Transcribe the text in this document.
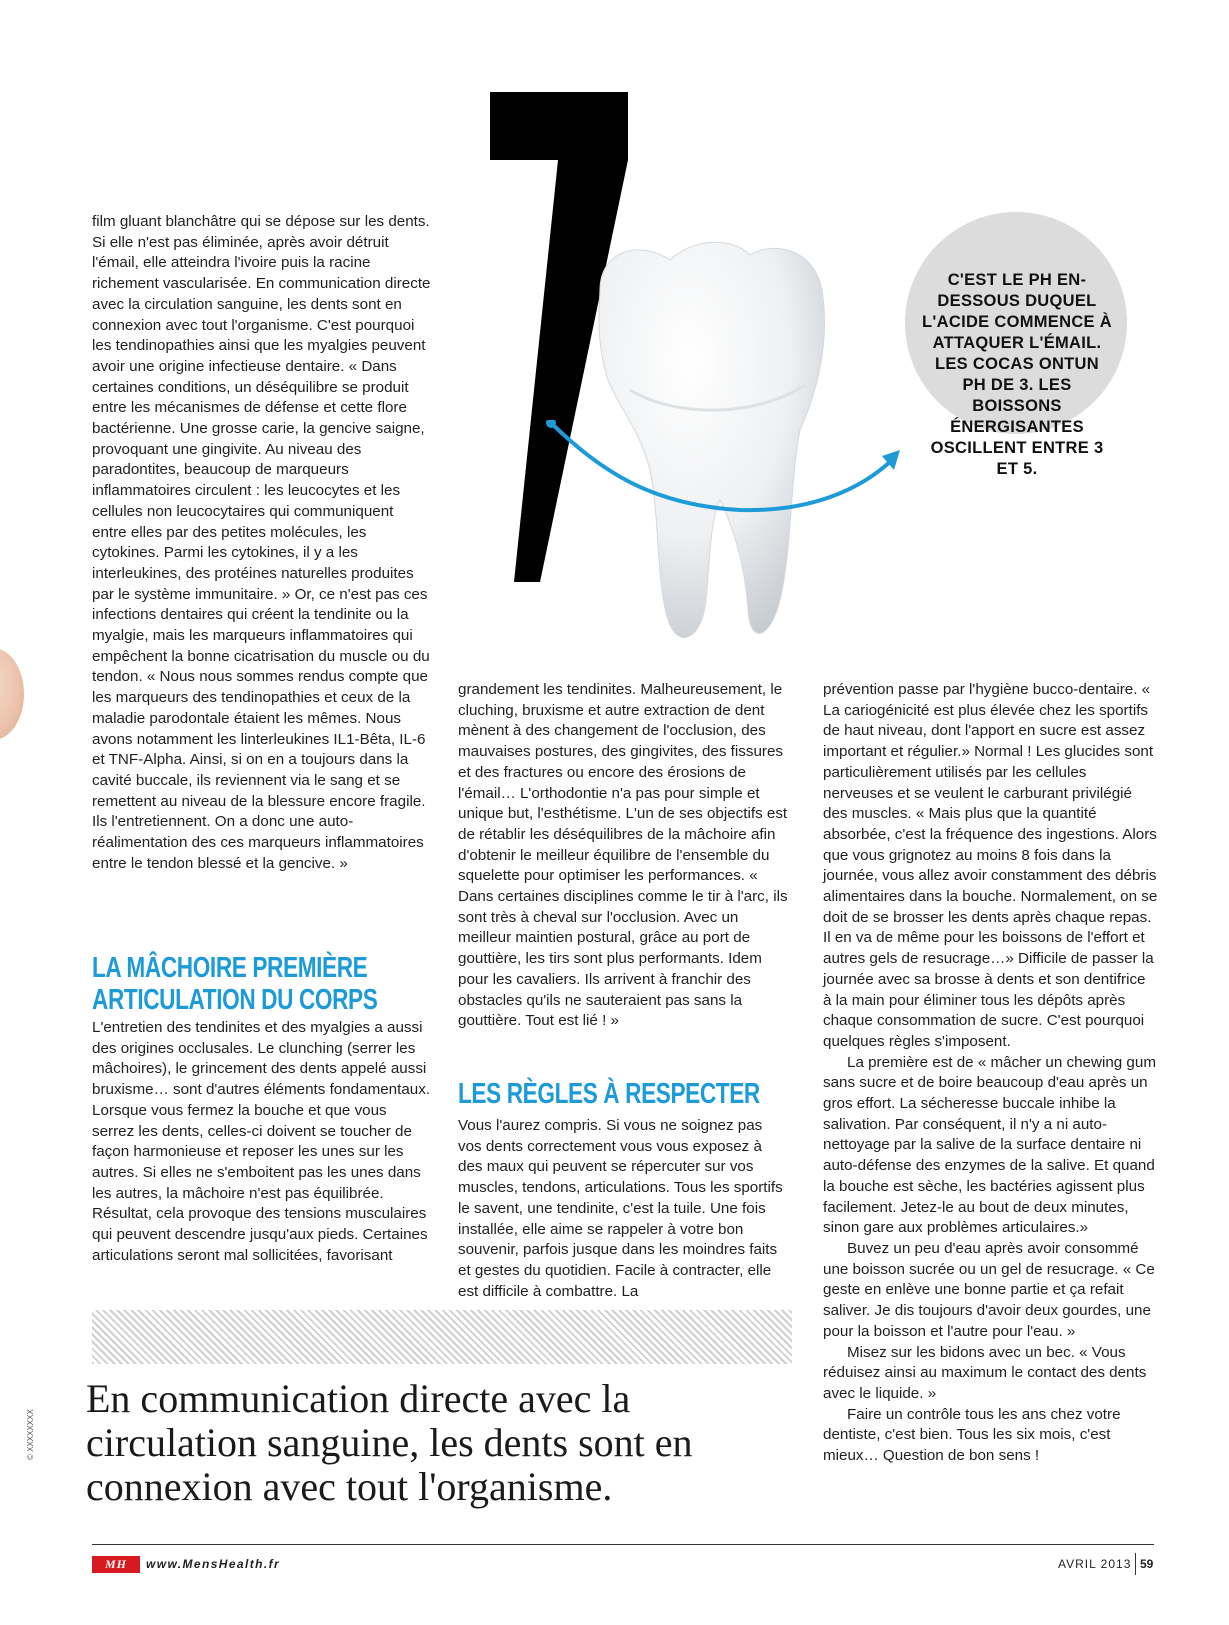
7
C'EST LE PH EN-DESSOUS DUQUEL L'ACIDE COMMENCE À ATTAQUER L'ÉMAIL. LES COCAS ONTUN PH DE 3. LES BOISSONS ÉNERGISANTES OSCILLENT ENTRE 3 ET 5.

film gluant blanchâtre qui se dépose sur les dents. Si elle n'est pas éliminée, après avoir détruit l'émail, elle atteindra l'ivoire puis la racine richement vascularisée. En communication directe avec la circulation sanguine, les dents sont en connexion avec tout l'organisme. C'est pourquoi les tendinopathies ainsi que les myalgies peuvent avoir une origine infectieuse dentaire. « Dans certaines conditions, un déséquilibre se produit entre les mécanismes de défense et cette flore bactérienne. Une grosse carie, la gencive saigne, provoquant une gingivite. Au niveau des paradontites, beaucoup de marqueurs inflammatoires circulent : les leucocytes et les cellules non leucocytaires qui communiquent entre elles par des petites molécules, les cytokines. Parmi les cytokines, il y a les interleukines, des protéines naturelles produites par le système immunitaire. » Or, ce n'est pas ces infections dentaires qui créent la tendinite ou la myalgie, mais les marqueurs inflammatoires qui empêchent la bonne cicatrisation du muscle ou du tendon. « Nous nous sommes rendus compte que les marqueurs des tendinopathies et ceux de la maladie parodontale étaient les mêmes. Nous avons notamment les linterleukines IL1-Bêta, IL-6 et TNF-Alpha. Ainsi, si on en a toujours dans la cavité buccale, ils reviennent via le sang et se remettent au niveau de la blessure encore fragile. Ils l'entretiennent. On a donc une auto-réalimentation des ces marqueurs inflammatoires entre le tendon blessé et la gencive. »

LA MÂCHOIRE PREMIÈRE
ARTICULATION DU CORPS

L'entretien des tendinites et des myalgies a aussi des origines occlusales. Le clunching (serrer les mâchoires), le grincement des dents appelé aussi bruxisme… sont d'autres éléments fondamentaux. Lorsque vous fermez la bouche et que vous serrez les dents, celles-ci doivent se toucher de façon harmonieuse et reposer les unes sur les autres. Si elles ne s'emboitent pas les unes dans les autres, la mâchoire n'est pas équilibrée. Résultat, cela provoque des tensions musculaires qui peuvent descendre jusqu'aux pieds. Certaines articulations seront mal sollicitées, favorisant

grandement les tendinites. Malheureusement, le cluching, bruxisme et autre extraction de dent mènent à des changement de l'occlusion, des mauvaises postures, des gingivites, des fissures et des fractures ou encore des érosions de l'émail… L'orthodontie n'a pas pour simple et unique but, l'esthétisme. L'un de ses objectifs est de rétablir les déséquilibres de la mâchoire afin d'obtenir le meilleur équilibre de l'ensemble du squelette pour optimiser les performances. « Dans certaines disciplines comme le tir à l'arc, ils sont très à cheval sur l'occlusion. Avec un meilleur maintien postural, grâce au port de gouttière, les tirs sont plus performants. Idem pour les cavaliers. Ils arrivent à franchir des obstacles qu'ils ne sauteraient pas sans la gouttière. Tout est lié ! »

LES RÈGLES À RESPECTER

Vous l'aurez compris. Si vous ne soignez pas vos dents correctement vous vous exposez à des maux qui peuvent se répercuter sur vos muscles, tendons, articulations. Tous les sportifs le savent, une tendinite, c'est la tuile. Une fois installée, elle aime se rappeler à votre bon souvenir, parfois jusque dans les moindres faits et gestes du quotidien. Facile à contracter, elle est difficile à combattre. La

prévention passe par l'hygiène bucco-dentaire. « La cariogénicité est plus élevée chez les sportifs de haut niveau, dont l'apport en sucre est assez important et régulier.» Normal ! Les glucides sont particulièrement utilisés par les cellules nerveuses et se veulent le carburant privilégié des muscles. « Mais plus que la quantité absorbée, c'est la fréquence des ingestions. Alors que vous grignotez au moins 8 fois dans la journée, vous allez avoir constamment des débris alimentaires dans la bouche. Normalement, on se doit de se brosser les dents après chaque repas. Il en va de même pour les boissons de l'effort et autres gels de resucrage…» Difficile de passer la journée avec sa brosse à dents et son dentifrice à la main pour éliminer tous les dépôts après chaque consommation de sucre. C'est pourquoi quelques règles s'imposent.

La première est de « mâcher un chewing gum sans sucre et de boire beaucoup d'eau après un gros effort. La sécheresse buccale inhibe la salivation. Par conséquent, il n'y a ni auto-nettoyage par la salive de la surface dentaire ni auto-défense des enzymes de la salive. Et quand la bouche est sèche, les bactéries agissent plus facilement. Jetez-le au bout de deux minutes, sinon gare aux problèmes articulaires.»

Buvez un peu d'eau après avoir consommé une boisson sucrée ou un gel de resucrage. « Ce geste en enlève une bonne partie et ça refait saliver. Je dis toujours d'avoir deux gourdes, une pour la boisson et l'autre pour l'eau. »

Misez sur les bidons avec un bec. « Vous réduisez ainsi au maximum le contact des dents avec le liquide. »

Faire un contrôle tous les ans chez votre dentiste, c'est bien. Tous les six mois, c'est mieux… Question de bon sens !

En communication directe avec la circulation sanguine, les dents sont en connexion avec tout l'organisme.
© XXXXXXXX
MH	www.MensHealth.fr	AVRIL 2013 59
